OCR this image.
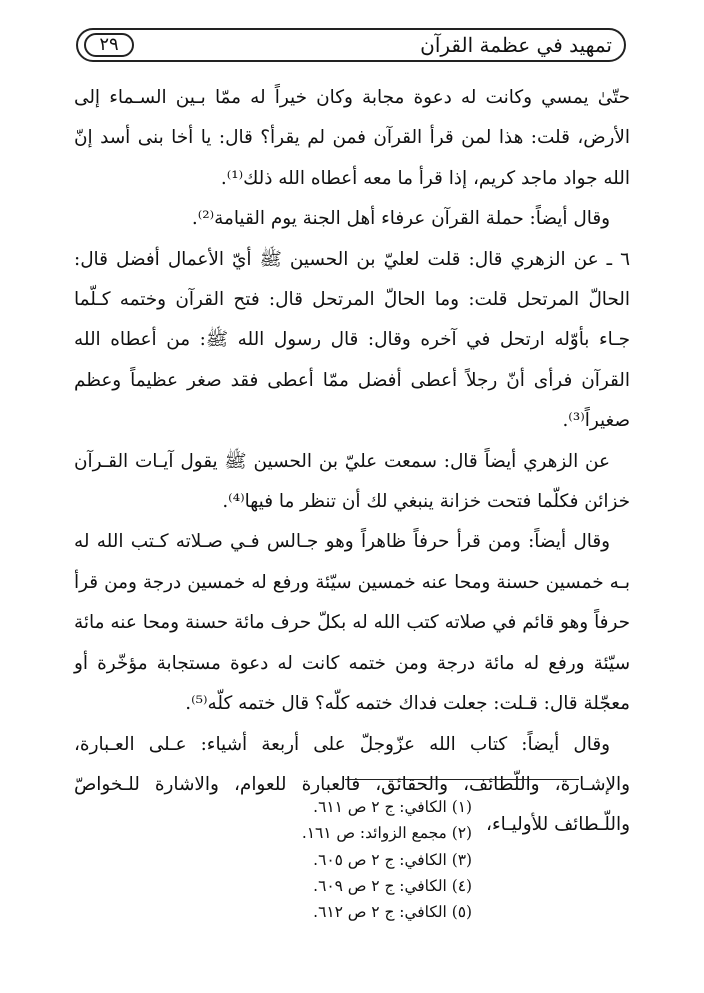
تمهيد في عظمة القرآن
٢٩

حتّىٰ يمسي وكانت له دعوة مجابة وكان خيراً له ممّا بـين السـماء إلى الأرض، قلت: هذا لمن قرأ القرآن فمن لم يقرأ؟ قال: يا أخا بنى أسد إنّ الله جواد ماجد كريم، إذا قرأ ما معه أعطاه الله ذلك⁽¹⁾.

وقال أيضاً: حملة القرآن عرفاء أهل الجنة يوم القيامة⁽²⁾.

٦ ـ عن الزهري قال: قلت لعليّ بن الحسين ﷺ أيّ الأعمال أفضل قال: الحالّ المرتحل قلت: وما الحالّ المرتحل قال: فتح القرآن وختمه كـلّما جـاء بأوّله ارتحل في آخره وقال: قال رسول الله ﷺ: من أعطاه الله القرآن فرأى أنّ رجلاً أعطى أفضل ممّا أعطى فقد صغر عظيماً وعظم صغيراً⁽³⁾.

عن الزهري أيضاً قال: سمعت عليّ بن الحسين ﷺ يقول آيـات القـرآن خزائن فكلّما فتحت خزانة ينبغي لك أن تنظر ما فيها⁽⁴⁾.

وقال أيضاً: ومن قرأ حرفاً ظاهراً وهو جـالس فـي صـلاته كـتب الله له بـه خمسين حسنة ومحا عنه خمسين سيّئة ورفع له خمسين درجة ومن قرأ حرفاً وهو قائم في صلاته كتب الله له بكلّ حرف مائة حسنة ومحا عنه مائة سيّئة ورفع له مائة درجة ومن ختمه كانت له دعوة مستجابة مؤخّرة أو معجّلة قال: قـلت: جعلت فداك ختمه كلّه؟ قال ختمه كلّه⁽⁵⁾.

وقال أيضاً: كتاب الله عزّوجلّ على أربعة أشياء: عـلى العـبارة، والإشـارة، واللّطائف، والحقائق، فالعبارة للعوام، والاشارة للـخواصّ واللّـطائف للأوليـاء،

(١) الكافي: ج ٢ ص ٦١١.
(٢) مجمع الزوائد: ص ١٦١.
(٣) الكافي: ج ٢ ص ٦٠٥.
(٤) الكافي: ج ٢ ص ٦٠٩.
(٥) الكافي: ج ٢ ص ٦١٢.
